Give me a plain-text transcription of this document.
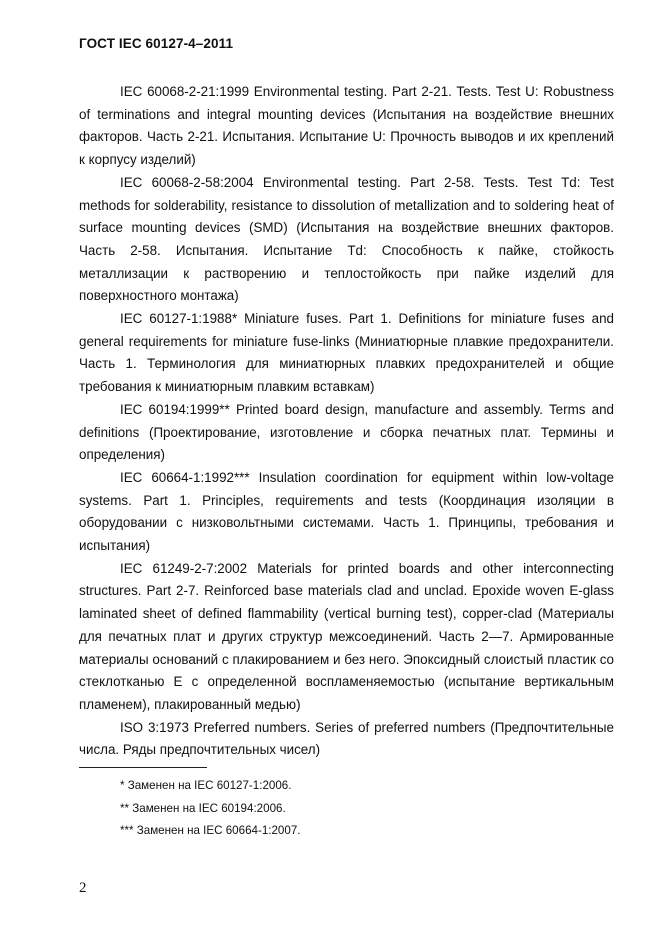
ГОСТ IEC 60127-4–2011

IEC 60068-2-21:1999 Environmental testing. Part 2-21. Tests. Test U: Robustness of terminations and integral mounting devices (Испытания на воздействие внешних факторов. Часть 2-21. Испытания. Испытание U: Прочность выводов и их креплений к корпусу изделий)

IEC 60068-2-58:2004 Environmental testing. Part 2-58. Tests. Test Td: Test methods for solderability, resistance to dissolution of metallization and to soldering heat of surface mounting devices (SMD) (Испытания на воздействие внешних факторов. Часть 2-58. Испытания. Испытание Td: Способность к пайке, стойкость металлизации к растворению и теплостойкость при пайке изделий для поверхностного монтажа)

IEC 60127-1:1988* Miniature fuses. Part 1. Definitions for miniature fuses and general requirements for miniature fuse-links (Миниатюрные плавкие предохранители. Часть 1. Терминология для миниатюрных плавких предохранителей и общие требования к миниатюрным плавким вставкам)

IEC 60194:1999** Printed board design, manufacture and assembly. Terms and definitions (Проектирование, изготовление и сборка печатных плат. Термины и определения)

IEC 60664-1:1992*** Insulation coordination for equipment within low-voltage systems. Part 1. Principles, requirements and tests (Координация изоляции в оборудовании с низковольтными системами. Часть 1. Принципы, требования и испытания)

IEC 61249-2-7:2002 Materials for printed boards and other interconnecting structures. Part 2-7. Reinforced base materials clad and unclad. Epoxide woven E-glass laminated sheet of defined flammability (vertical burning test), copper-clad (Материалы для печатных плат и других структур межсоединений. Часть 2—7. Армированные материалы оснований с плакированием и без него. Эпоксидный слоистый пластик со стеклотканью Е с определенной воспламеняемостью (испытание вертикальным пламенем), плакированный медью)

ISO 3:1973 Preferred numbers. Series of preferred numbers (Предпочтительные числа. Ряды предпочтительных чисел)

* Заменен на IEC 60127-1:2006.

** Заменен на IEC 60194:2006.

*** Заменен на IEC 60664-1:2007.

2
